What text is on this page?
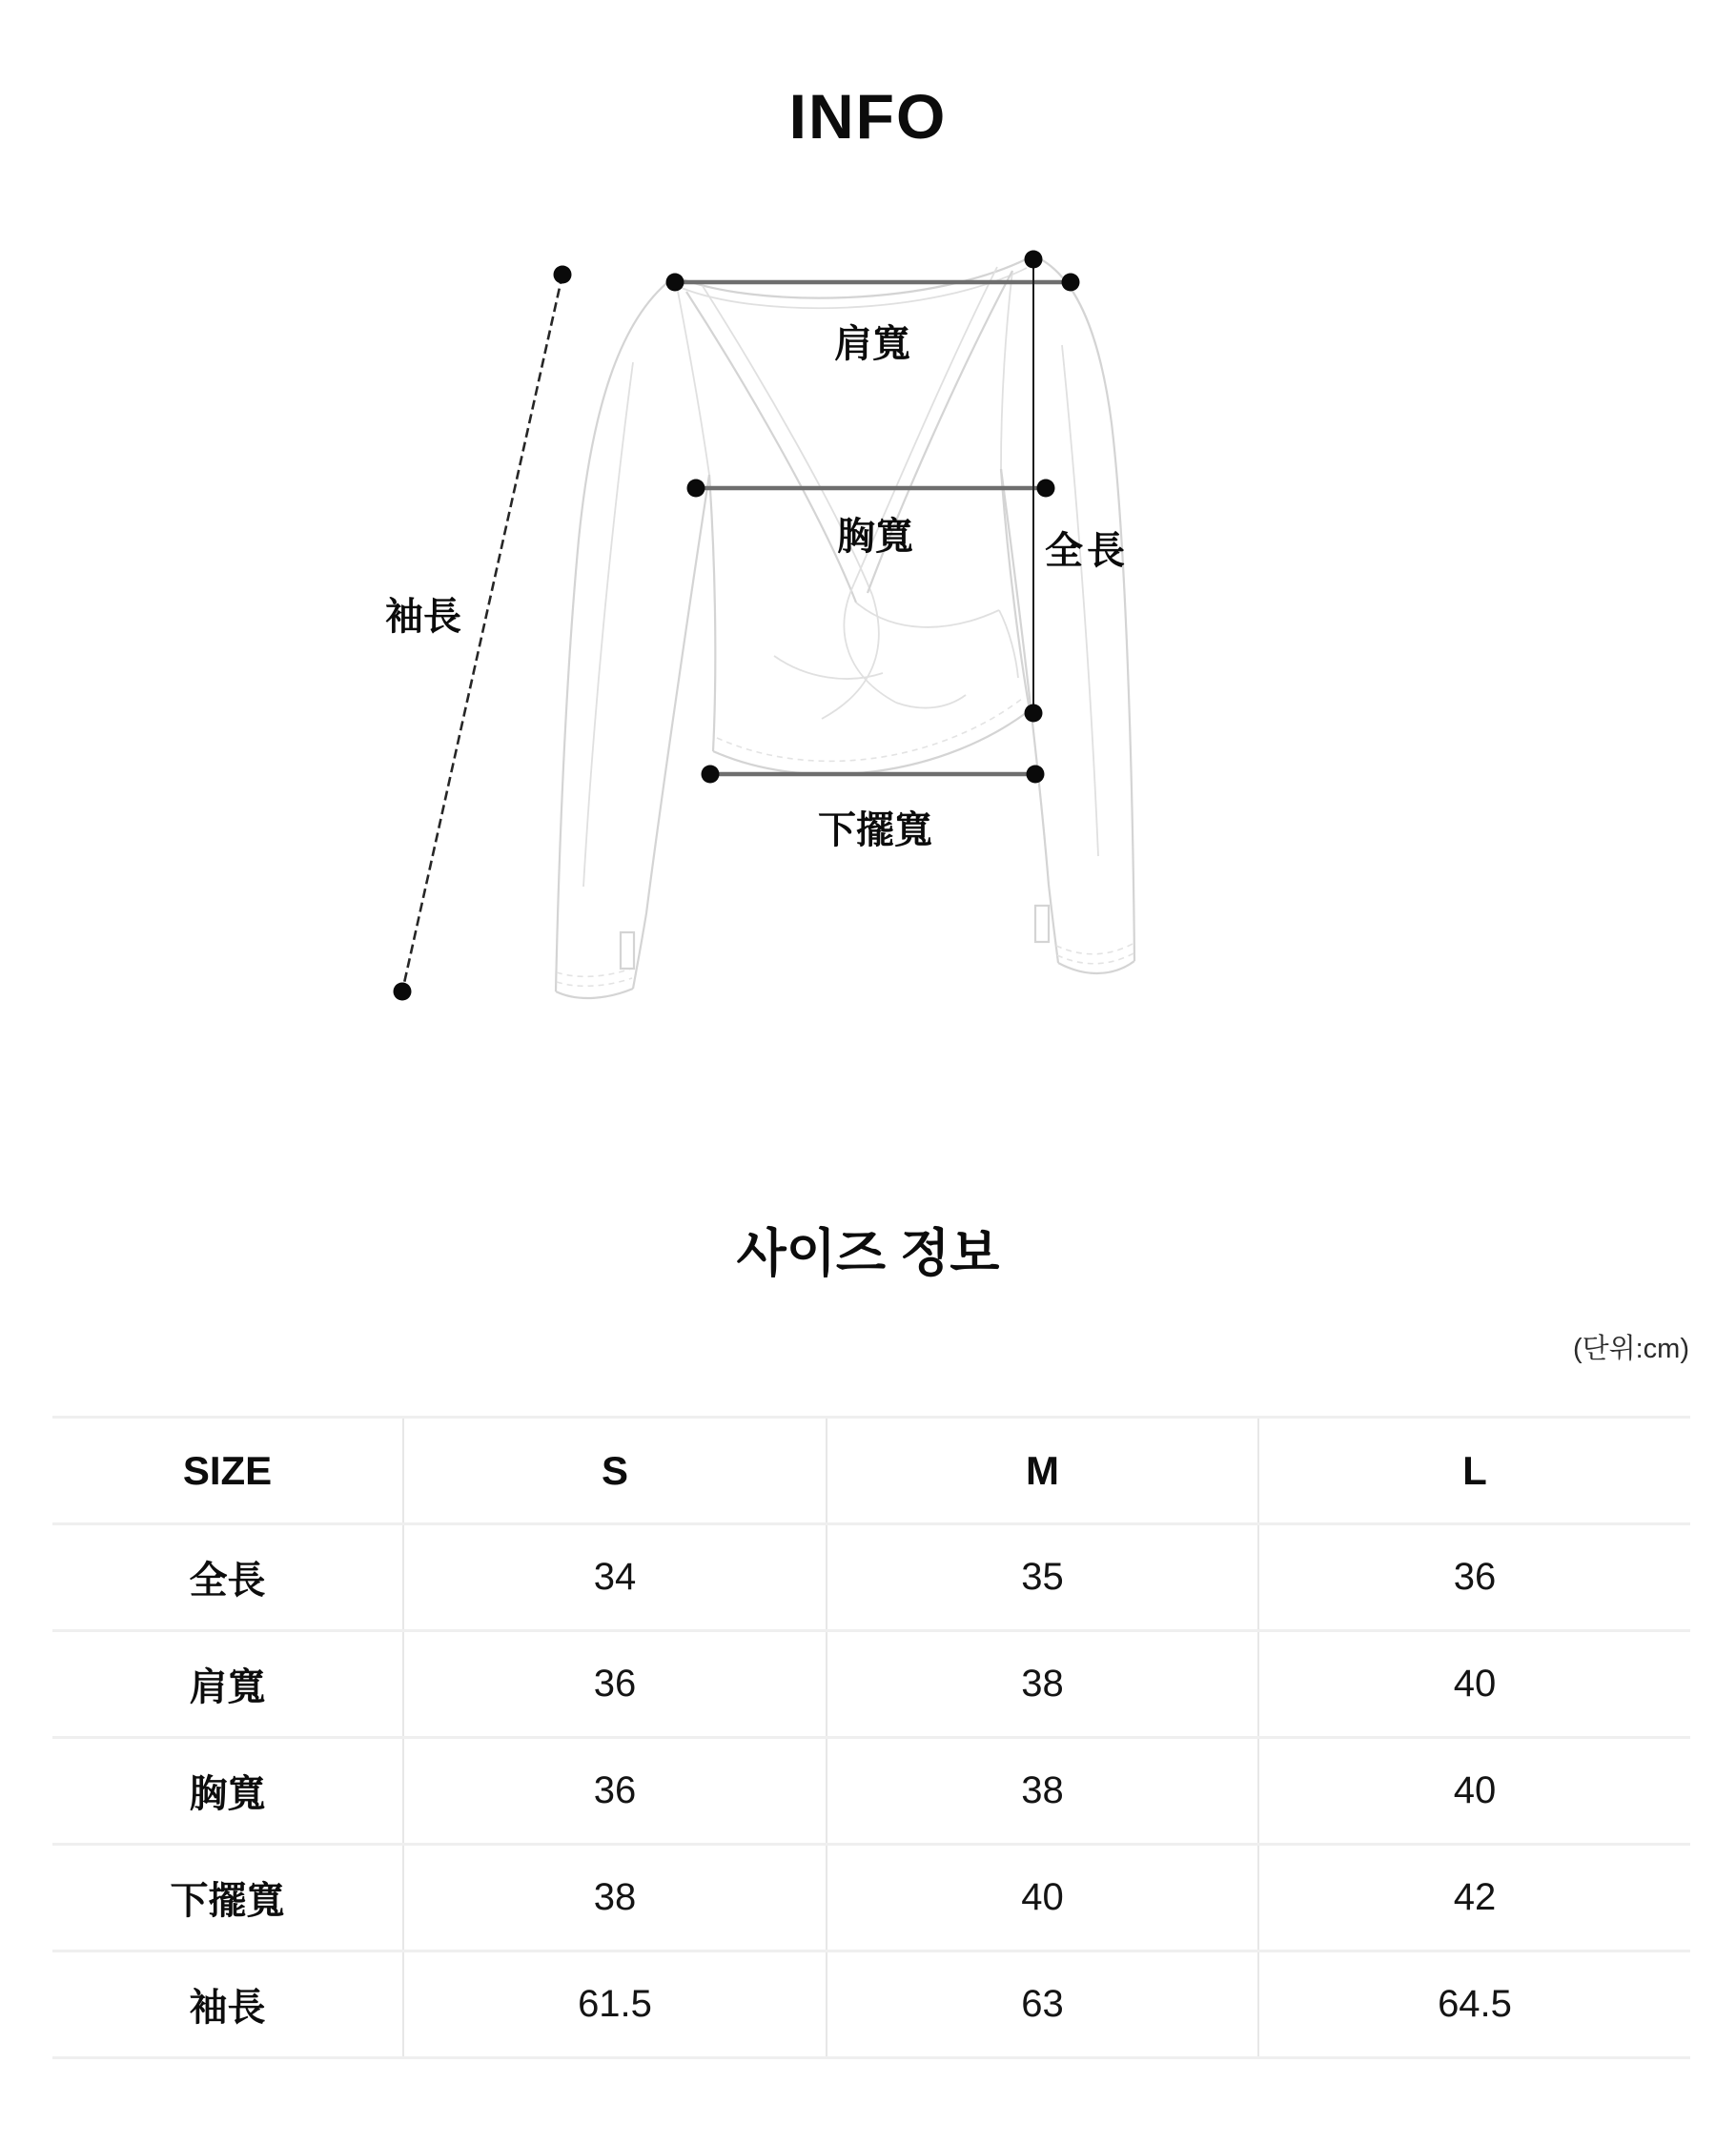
INFO
肩寬
胸寬	全長
下擺寬
袖長
사이즈 정보
(단위:cm)
SIZE	S	M	L
全長	34	35	36
肩寬	36	38	40
胸寬	36	38	40
下擺寬	38	40	42
袖長	61.5	63	64.5
